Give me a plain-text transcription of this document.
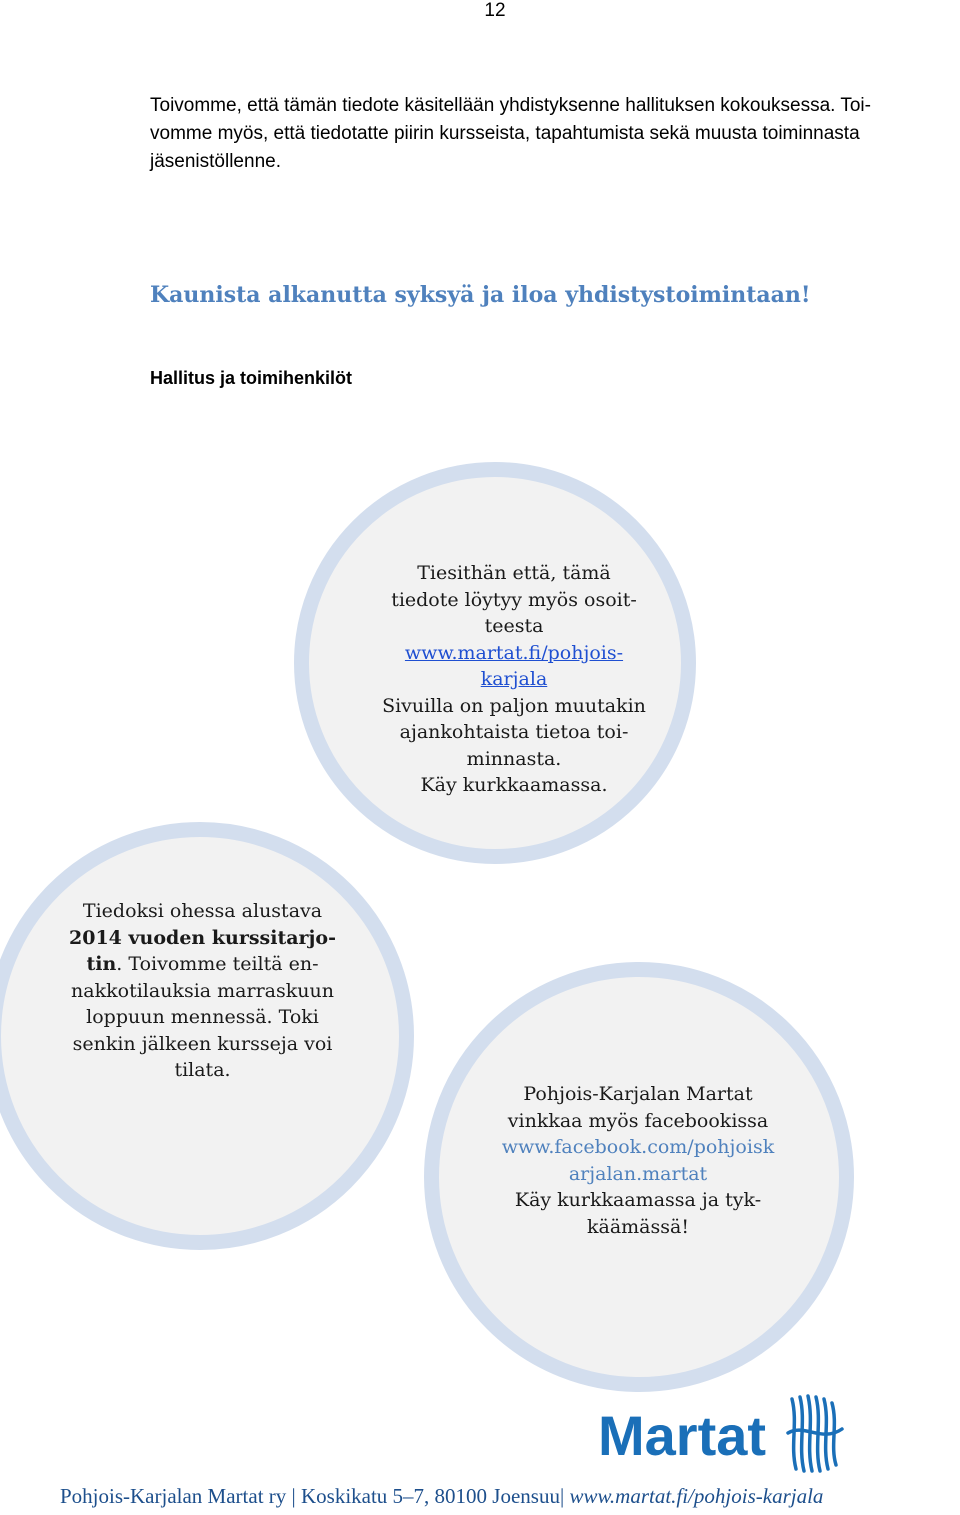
12

Toivomme, että tämän tiedote käsitellään yhdistyksenne hallituksen kokouksessa. Toi-

vomme myös, että tiedotatte piirin kursseista, tapahtumista sekä muusta toiminnasta

jäsenistöllenne.

Kaunista alkanutta syksyä ja iloa yhdistystoimintaan!
Hallitus ja toimihenkilöt
Tiesithän että, tämä
tiedote löytyy myös osoit-
teesta
www.martat.fi/pohjois-
karjala
Sivuilla on paljon muutakin
ajankohtaista tietoa toi-
minnasta.
Käy kurkkaamassa.
Tiedoksi ohessa alustava
2014 vuoden kurssitarjo-
tin. Toivomme teiltä en-
nakkotilauksia marraskuun
loppuun mennessä. Toki
senkin jälkeen kursseja voi
tilata.
Pohjois-Karjalan Martat
vinkkaa myös facebookissa
www.facebook.com/pohjoisk
arjalan.martat
Käy kurkkaamassa ja tyk-
käämässä!
Martat
Pohjois-Karjalan Martat ry | Koskikatu 5–7, 80100 Joensuu| www.martat.fi/pohjois-karjala
